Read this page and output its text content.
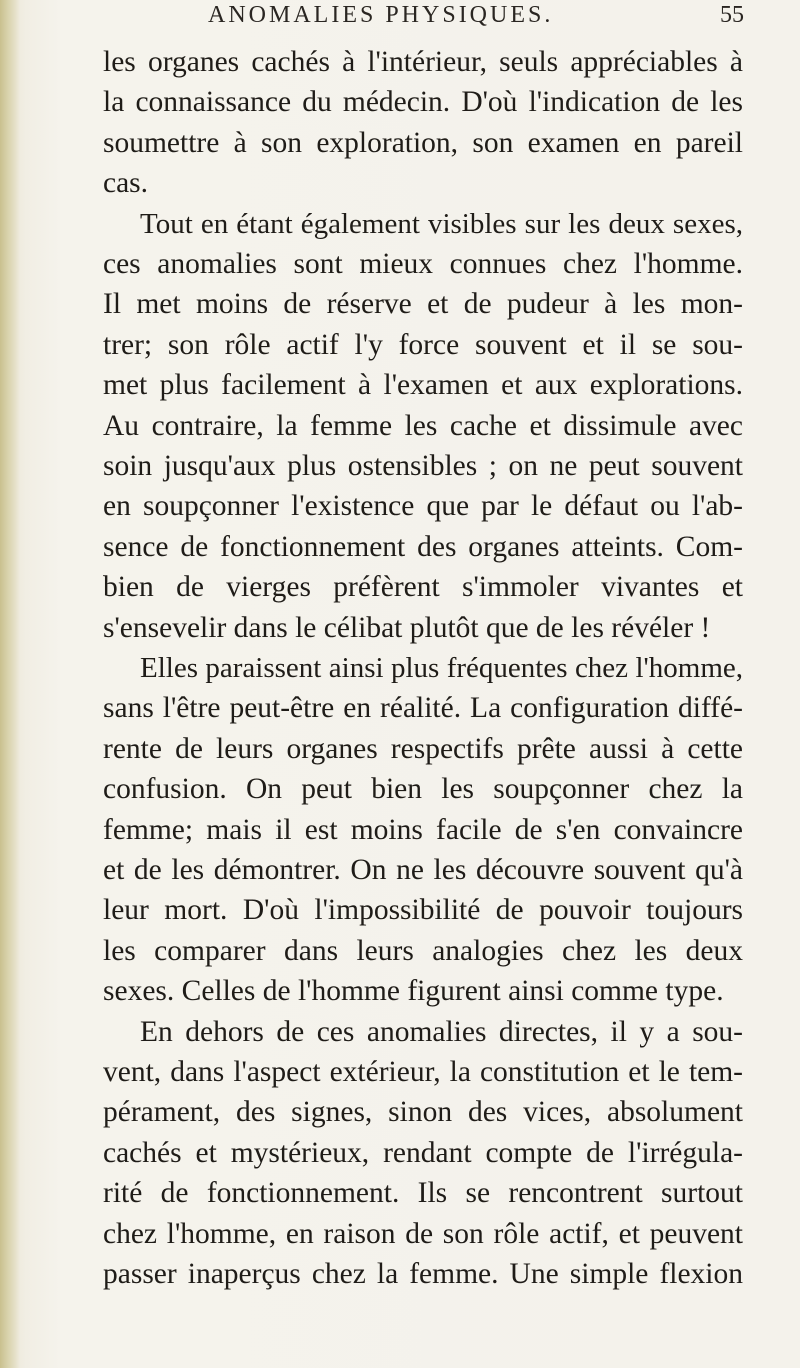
ANOMALIES PHYSIQUES.	55
les organes cachés à l'intérieur, seuls appréciables à
la connaissance du médecin. D'où l'indication de les
soumettre à son exploration, son examen en pareil
cas.
Tout en étant également visibles sur les deux sexes,
ces anomalies sont mieux connues chez l'homme.
Il met moins de réserve et de pudeur à les mon-
trer; son rôle actif l'y force souvent et il se sou-
met plus facilement à l'examen et aux explorations.
Au contraire, la femme les cache et dissimule avec
soin jusqu'aux plus ostensibles ; on ne peut souvent
en soupçonner l'existence que par le défaut ou l'ab-
sence de fonctionnement des organes atteints. Com-
bien de vierges préfèrent s'immoler vivantes et
s'ensevelir dans le célibat plutôt que de les révéler !
Elles paraissent ainsi plus fréquentes chez l'homme,
sans l'être peut-être en réalité. La configuration diffé-
rente de leurs organes respectifs prête aussi à cette
confusion. On peut bien les soupçonner chez la
femme; mais il est moins facile de s'en convaincre
et de les démontrer. On ne les découvre souvent qu'à
leur mort. D'où l'impossibilité de pouvoir toujours
les comparer dans leurs analogies chez les deux
sexes. Celles de l'homme figurent ainsi comme type.
En dehors de ces anomalies directes, il y a sou-
vent, dans l'aspect extérieur, la constitution et le tem-
pérament, des signes, sinon des vices, absolument
cachés et mystérieux, rendant compte de l'irrégula-
rité de fonctionnement. Ils se rencontrent surtout
chez l'homme, en raison de son rôle actif, et peuvent
passer inaperçus chez la femme. Une simple flexion
